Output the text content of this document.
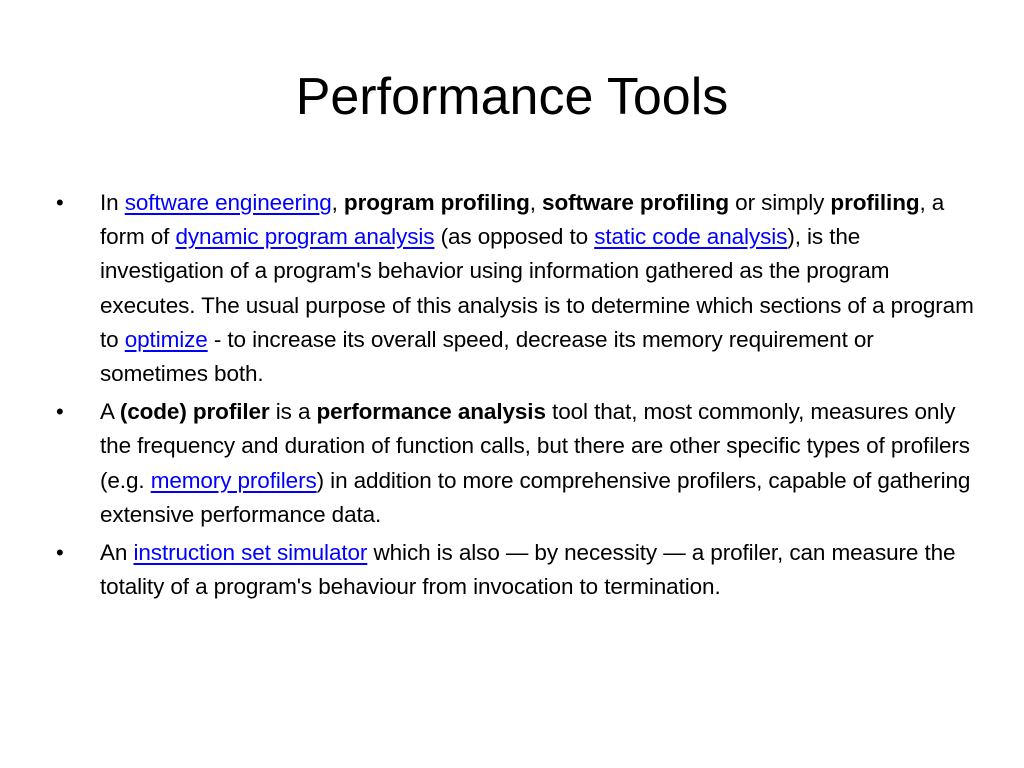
Performance Tools
•	In software engineering, program profiling, software profiling or simply profiling, a form of dynamic program analysis (as opposed to static code analysis), is the investigation of a program's behavior using information gathered as the program executes. The usual purpose of this analysis is to determine which sections of a program to optimize - to increase its overall speed, decrease its memory requirement or sometimes both.
•	A (code) profiler is a performance analysis tool that, most commonly, measures only the frequency and duration of function calls, but there are other specific types of profilers (e.g. memory profilers) in addition to more comprehensive profilers, capable of gathering extensive performance data.
•	An instruction set simulator which is also — by necessity — a profiler, can measure the totality of a program's behaviour from invocation to termination.
